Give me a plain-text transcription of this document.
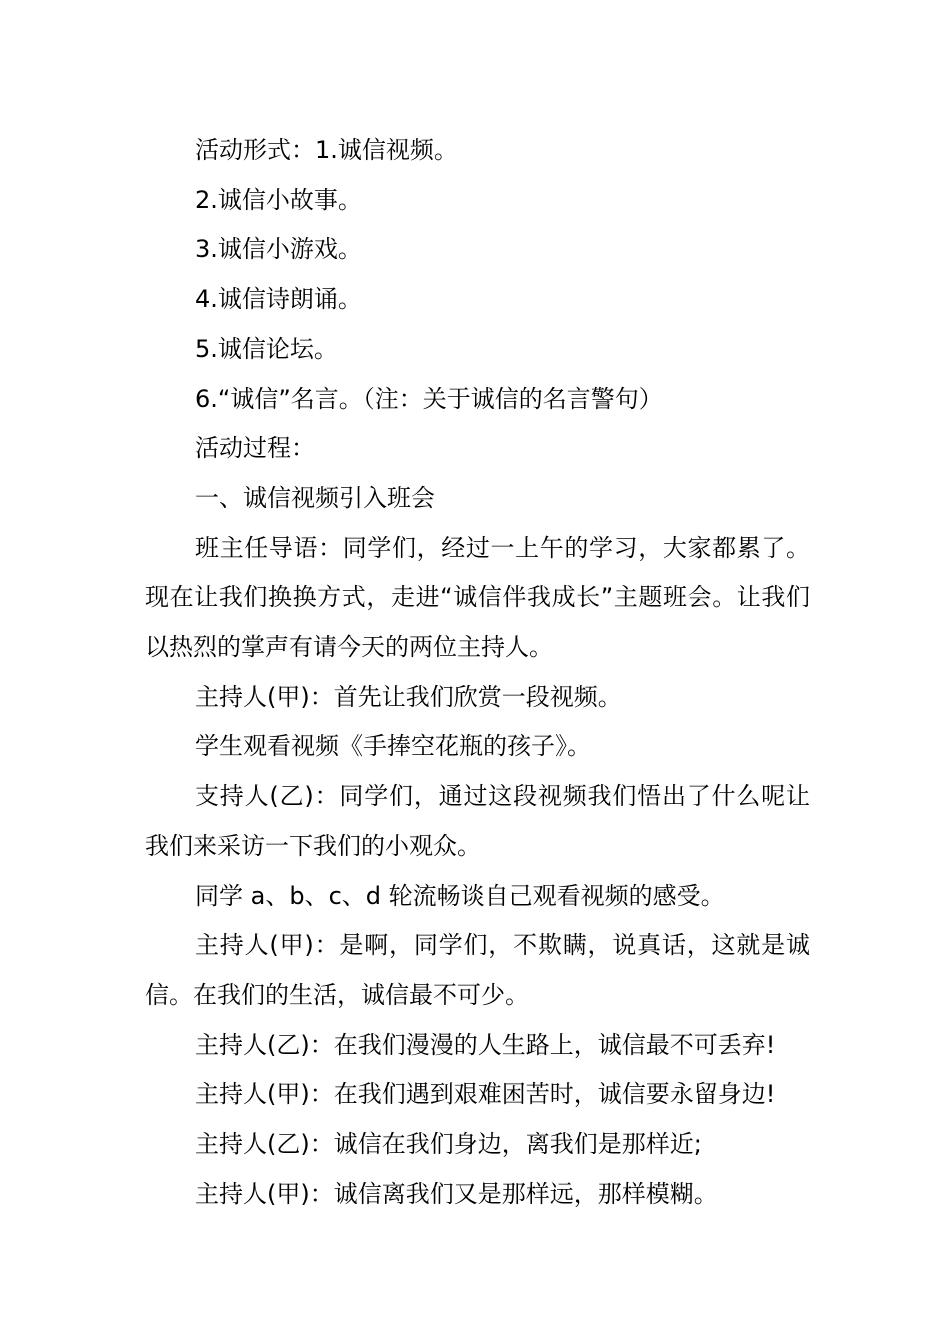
活动形式：1.诚信视频。

2.诚信小故事。

3.诚信小游戏。

4.诚信诗朗诵。

5.诚信论坛。

6.“诚信”名言。（注：关于诚信的名言警句）

活动过程：

一、诚信视频引入班会

班主任导语：同学们，经过一上午的学习，大家都累了。现在让我们换换方式，走进“诚信伴我成长”主题班会。让我们以热烈的掌声有请今天的两位主持人。

主持人(甲)：首先让我们欣赏一段视频。

学生观看视频《手捧空花瓶的孩子》。

支持人(乙)：同学们，通过这段视频我们悟出了什么呢让我们来采访一下我们的小观众。

同学 a、b、c、d 轮流畅谈自己观看视频的感受。

主持人(甲)：是啊，同学们，不欺瞒，说真话，这就是诚信。在我们的生活，诚信最不可少。

主持人(乙)：在我们漫漫的人生路上，诚信最不可丢弃!

主持人(甲)：在我们遇到艰难困苦时，诚信要永留身边!

主持人(乙)：诚信在我们身边，离我们是那样近;

主持人(甲)：诚信离我们又是那样远，那样模糊。
